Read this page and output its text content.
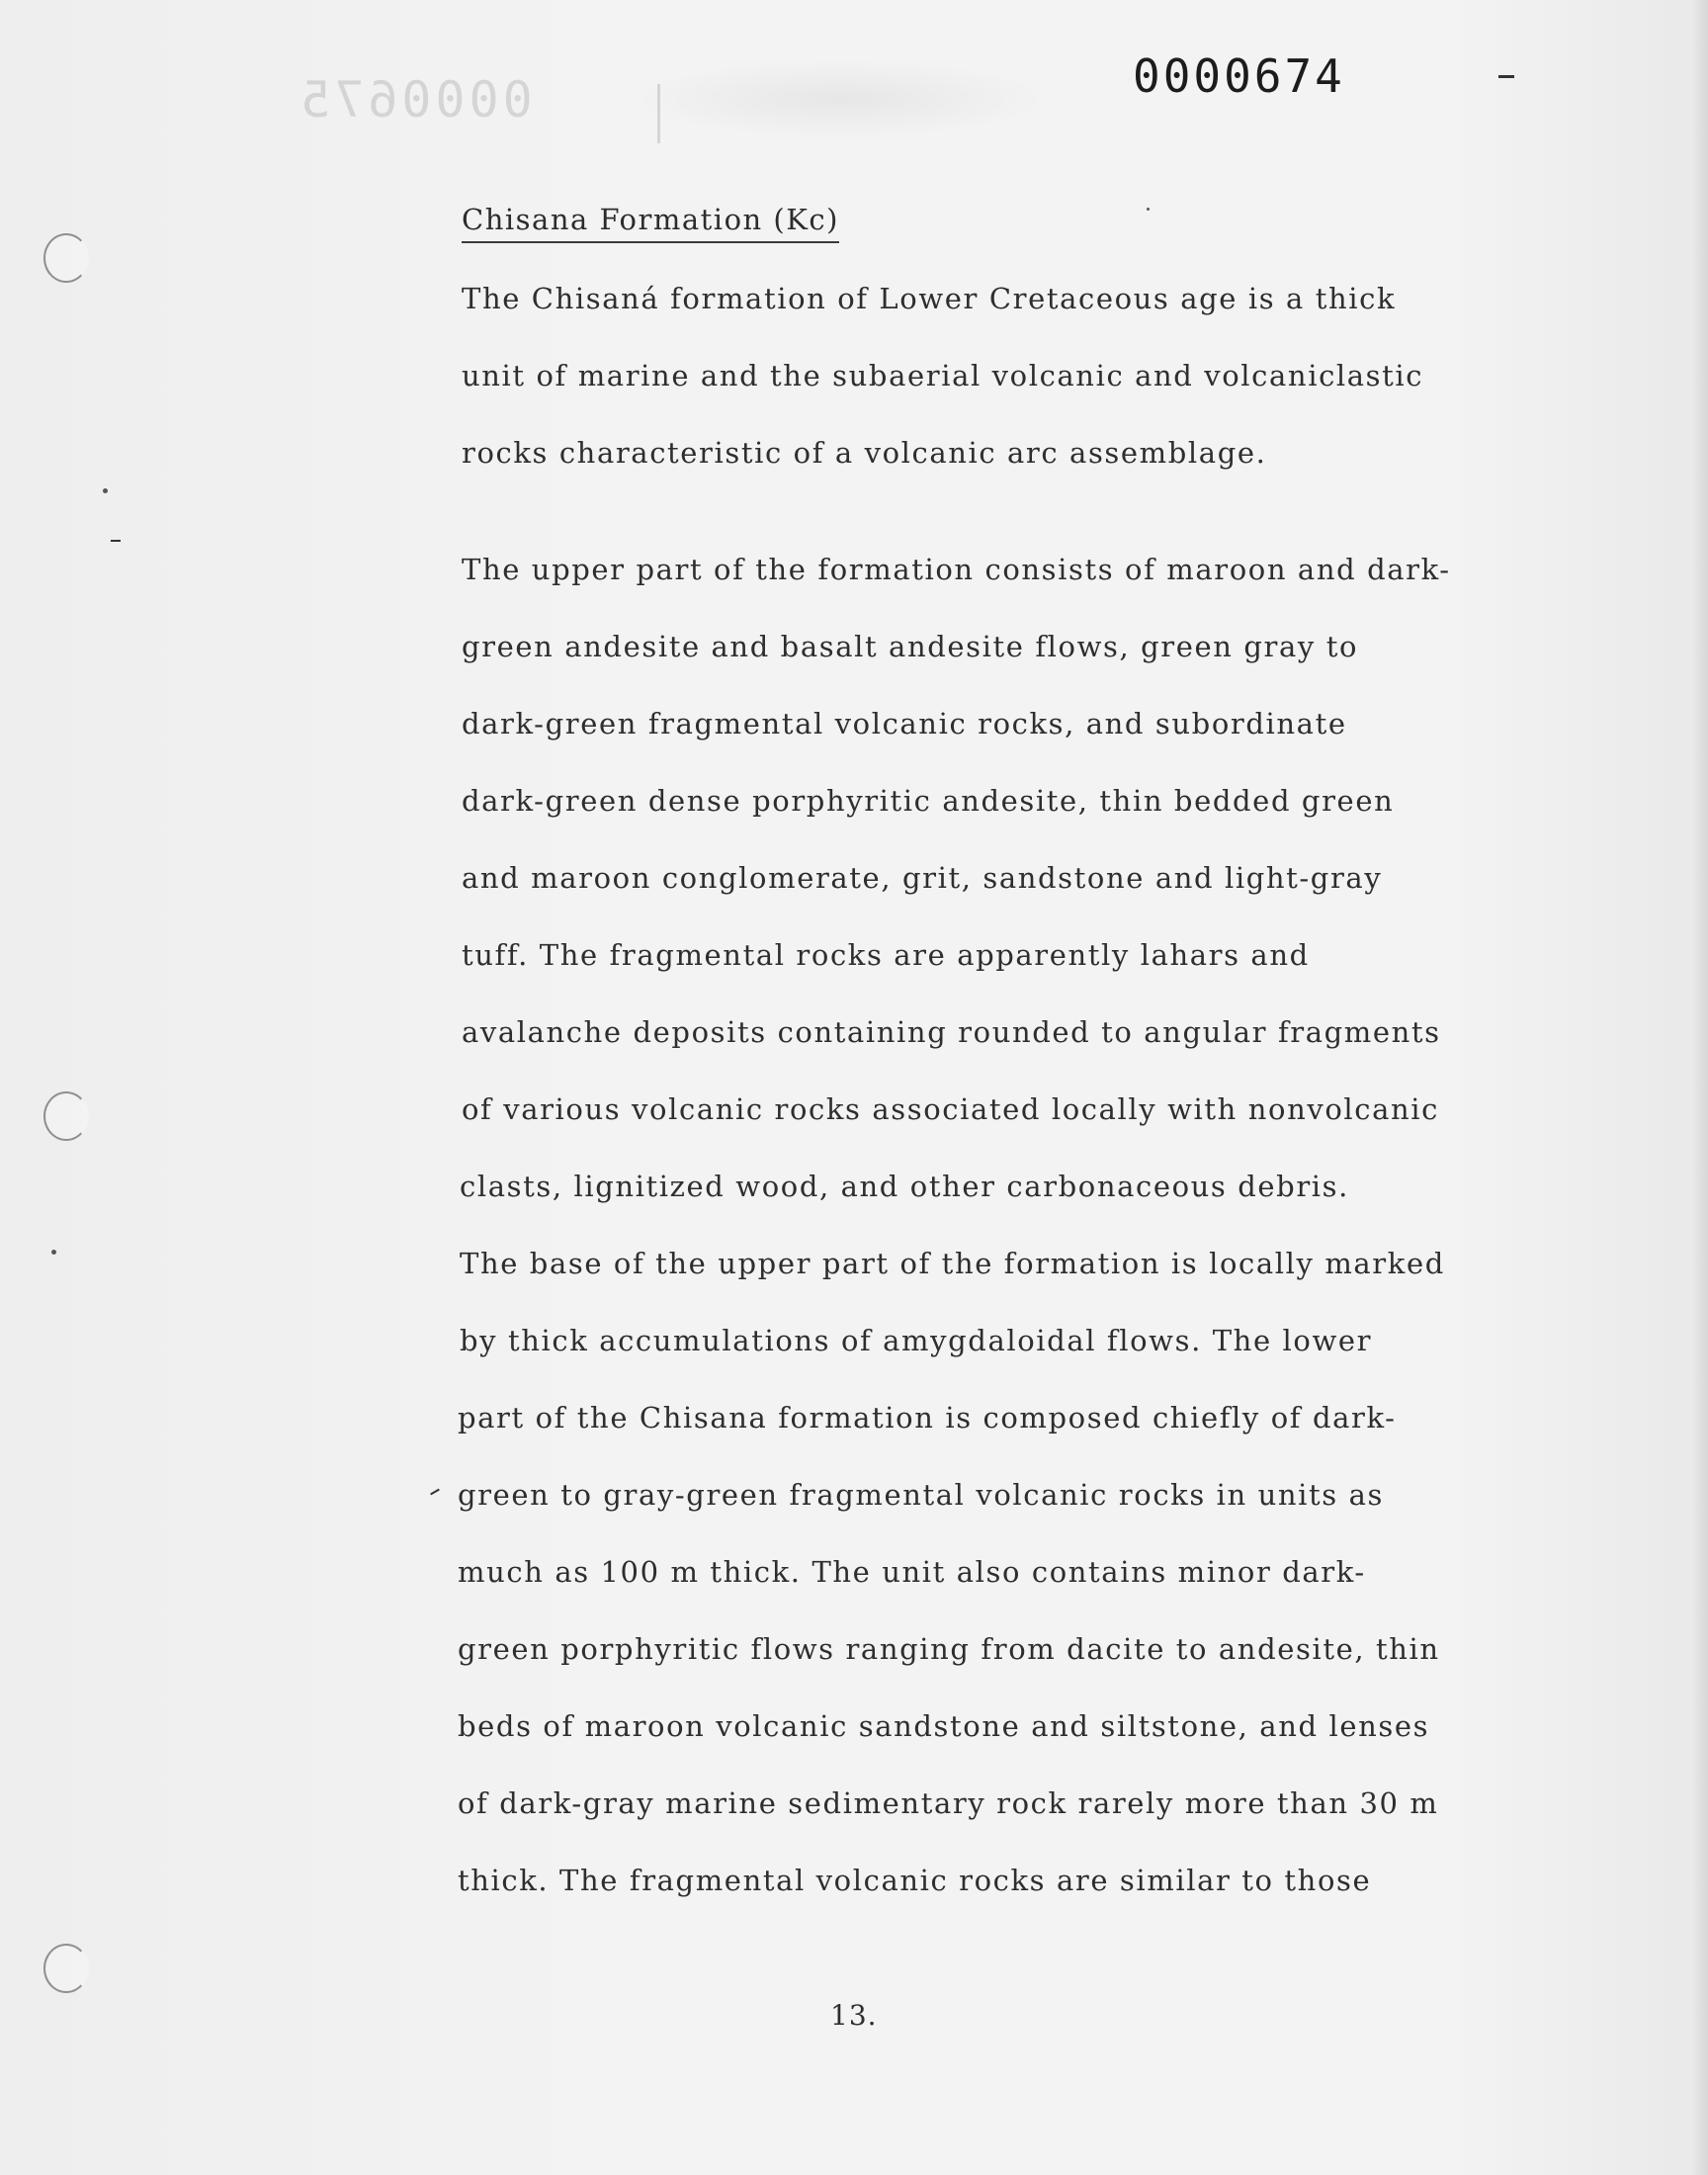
0000675	0000674
Chisana Formation (Kc)
The Chisaná formation of Lower Cretaceous age is a thick
unit of marine and the subaerial volcanic and volcaniclastic
rocks characteristic of a volcanic arc assemblage.
The upper part of the formation consists of maroon and dark-
green andesite and basalt andesite flows, green gray to
dark-green fragmental volcanic rocks, and subordinate
dark-green dense porphyritic andesite, thin bedded green
and maroon conglomerate, grit, sandstone and light-gray
tuff. The fragmental rocks are apparently lahars and
avalanche deposits containing rounded to angular fragments
of various volcanic rocks associated locally with nonvolcanic
clasts, lignitized wood, and other carbonaceous debris.
The base of the upper part of the formation is locally marked
by thick accumulations of amygdaloidal flows. The lower
part of the Chisana formation is composed chiefly of dark-
green to gray-green fragmental volcanic rocks in units as
much as 100 m thick. The unit also contains minor dark-
green porphyritic flows ranging from dacite to andesite, thin
beds of maroon volcanic sandstone and siltstone, and lenses
of dark-gray marine sedimentary rock rarely more than 30 m
thick. The fragmental volcanic rocks are similar to those
13.
